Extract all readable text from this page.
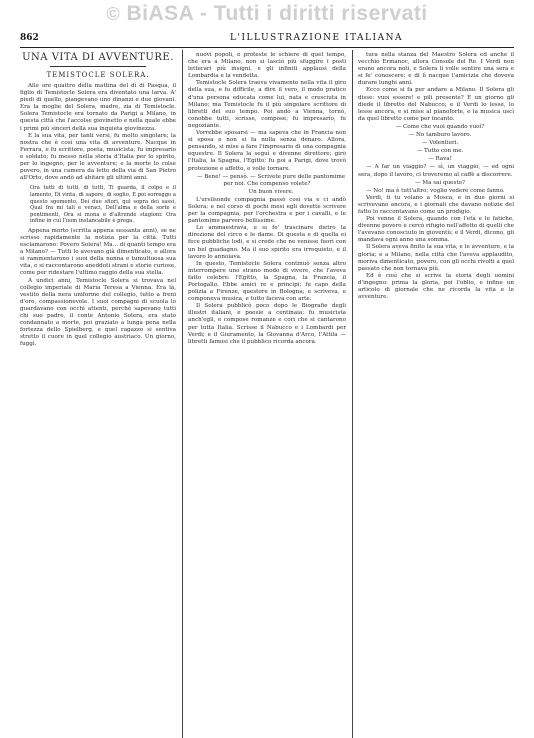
© BiASA - Tutti i diritti riservati
862	L'ILLUSTRAZIONE ITALIANA
UNA VITA DI AVVENTURE.
TEMISTOCLE SOLERA.

Alle ore quattro della mattina del dì di Pasqua, il figlio di Temistocle Solera era diventato una larva. A' piedi di quello, piangevano uno dinanzi e due giovani. Era la moglie del Solera, madre, zia di Temistocle. Solera Temistocle era tornato da Parigi a Milano, in questa città che l'accolse giovinetto e nella quale ebbe i primi più sinceri della sua inquieta giovinezza.

E la sua vita, per tanti versi, fu molto singolare; la nostra che è così una vita di avventure. Nacque in Ferrara, e fu scrittore, poeta, musicista; fu impresario e soldato; fu messo nella storia d'Italia per lo spirito, per lo ingegno, per le avventure; e la morte lo colse povero, in una camera da letto della via di San Pietro all'Orto, dove andò ad abitare gli ultimi anni.

Ora tutti di tutti, di tutti, Ti guarda, il colpo e il lamento, Di vinta, di sapore, di soglio, E poi sorreggo a questo sgomento, Dei due sfiori, qui sopra dei sassi, Qual fra mi tali e veraci, Dell'alma e della sorte e pentimenti, Ora si mona e d'altrende stagioni: Ora infine in cui l'uom instancabile è prega.

Appena morto (scritta appena sessanta anni), se ne scrisse rapidamente la notizia per la città. Tutti esclamarono: Povero Solera! Ma... di quanti tempo era a Milano? — Tutti lo avevano già dimenticato, e allora si rammentarono i suoi della nonna e tumultuosa sua vita, e si raccontarono aneddoti strani e storie curiose, come per ridestare l'ultimo raggio della sua stella.

A undici anni, Temistocle Solera si trovava nel collegio imperiale di Maria Teresa a Vienna. Era là, vestito della nera uniforme del collegio, tutto a freni d'oro, compassionevole. I suoi compagni di scuola lo guardavano con occhi attenti, perchè sapevano tutti chi suo padre, il conte Antonio Solera, era stato condannato a morte, poi graziato a lunga pena nella fortezza dello Spielberg, e quel ragazzo si sentiva stretto il cuore in quel collegio austriaco. Un giorno, fuggì.

nuovi popoli, e proteste le schiere di quel tempo, che era a Milano, non si lasciò più sfuggire i posti letterari più insigni, e gli infiniti applausi della Lombardia e la vendetta.

Temistocle Solera traeva vivamente nella vita il giro della sua, e fu difficile, a dire il vero, il modo pratico d'una persona educata come lui, nata e cresciuta in Milano; ma Temistocle fu il più singolare scrittore di libretti del suo tempo. Poi andò a Vienna, tornò, conobbe tutti, scrisse, compose; fu impresario, fu negoziante.

Vorrebbe sposarsi — ma sapeva che in Francia non si sposa e non si fa nulla senza denaro. Allora, pensando, si mise a fare l'impresario di una compagnia equestre. Il Solera la seguì e divenne direttore; girò l'Italia, la Spagna, l'Egitto; fu poi a Parigi, dove trovò protezione e affetto, e volle tornare.

— Bene! — pensò. — Scrivete pure delle pantomime per noi. Che compenso volete?

Un buon vivere.

L'ursilsonde compagnia passò così via e ci andò Solera; e nel corso di pochi mesi egli dovette scrivere per la compagnia, per l'orchestra e per i cavalli, e le pantomime parvero bellissime.

Lo ammaestrava, e si fe' trascinare dietro la direzione del circo e le dame. Di questa e di quella ei fece pubbliche lodi, e si crede che ne venisse fuori con un bel guadagno. Ma il suo spirito era irrequieto, e il lavoro lo annoiava.

In questo, Temistocle Solera continuò senza altro interrompere uno strano modo di vivere, che l'aveva fatto celebre: l'Egitto, la Spagna, la Francia, il Portogallo. Ebbe amici re e principi; fu capo della polizia a Firenze, questore in Bologna; e scriveva, e componeva musica, e tutto faceva con arte.

Il Solera pubblicò poco dopo le Biografie degli illustri italiani, e poesie a centinaia: fu musicista anch'egli, e compose romanze e cori che si cantarono per tutta Italia. Scrisse il Nabucco e i Lombardi per Verdi; e il Giuramento, la Giovanna d'Arco, l'Attila — libretti famosi che il pubblico ricorda ancora.

tura nella stanza del Maestro Solera ed anche il vecchio Ermanoc, allora Console del Re. I Verdi non erano ancora noti, e Solera li volle sentire una sera e si fe' conoscere; e di lì nacque l'amicizia che doveva durare lunghi anni.

Ecco come si fa per andare a Milano. Il Solera gli disse: vuoi essere! e pili presente? E un giorno gli diede il libretto del Nabucco; e il Verdi lo lesse, lo lesse ancora, e si mise al pianoforte, e la musica uscì da quel libretto come per incanto.

— Come che vuoi quando vuoi?

— No tamburo lavoro.

— Volentieri.

— Tutto con me.

— Rava!

— A far un viaggio? — sì, un viaggio, — ed ogni sera, dopo il lavoro, ci troveremo al caffè a discorrere.

— Ma sai questo?

— No! ma è tutt'altro; voglio vedere come fanno.

Verdi, ti tu volano a Mosca, e in due giorni si scrivevano ancora, e i giornali che davano notizie del fatto lo raccontavano come un prodigio.

Poi venne il Solera, quando con l'età e le fatiche, divenne povero e cercò rifugio nell'affetto di quelli che l'avevano conosciuto in gioventù; e il Verdi, dicono, gli mandava ogni anno una somma.

Il Solera aveva finito la sua vita, e le avventure, e la gloria; e a Milano, nella città che l'aveva applaudito, moriva dimenticato, povero, con gli occhi rivolti a quel passato che non tornava più.

Ed è così che si scrive la storia degli uomini d'ingegno: prima la gloria, poi l'oblio, e infine un articolo di giornale che ne ricorda la vita e le avventure.
